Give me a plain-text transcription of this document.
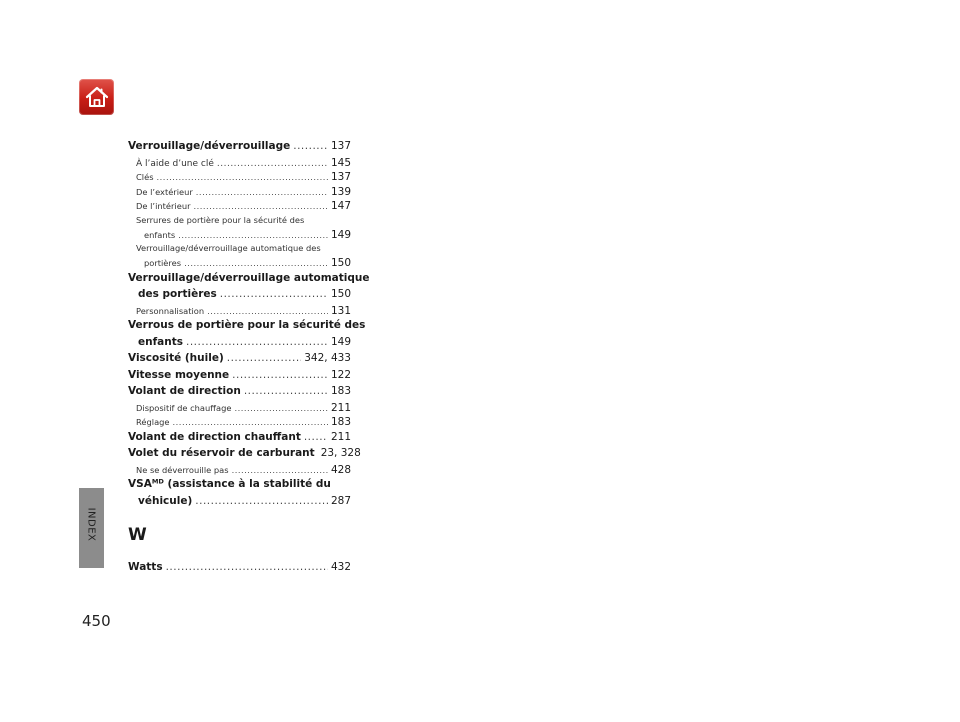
INDEX
450
Verrouillage/déverrouillage .....	137
À l’aide d’une clé .....	145
Clés .....	137
De l’extérieur .....	139
De l’intérieur .....	147
Serrures de portière pour la sécurité des
enfants .....	149
Verrouillage/déverrouillage automatique des
portières .....	150
Verrouillage/déverrouillage automatique
des portières .....	150
Personnalisation .....	131
Verrous de portière pour la sécurité des
enfants .....	149
Viscosité (huile) .....	342, 433
Vitesse moyenne .....	122
Volant de direction .....	183
Dispositif de chauffage .....	211
Réglage .....	183
Volant de direction chauffant .....	211
Volet du réservoir de carburant 23, 328
Ne se déverrouille pas .....	428
VSAᴹᴰ (assistance à la stabilité du
véhicule) .....	287
W
Watts .....	432
